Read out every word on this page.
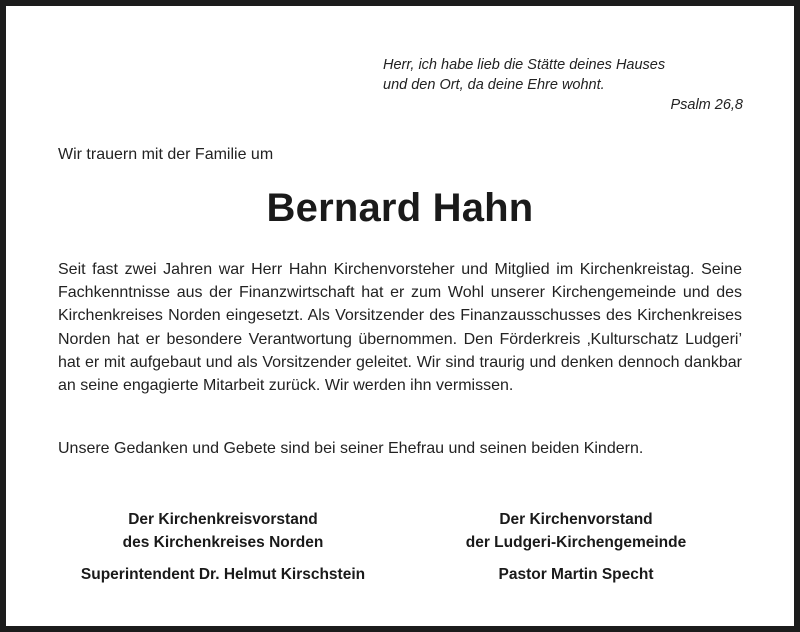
Herr, ich habe lieb die Stätte deines Hauses
und den Ort, da deine Ehre wohnt.
Psalm 26,8
Wir trauern mit der Familie um
Bernard Hahn
Seit fast zwei Jahren war Herr Hahn Kirchenvorsteher und Mitglied im Kirchenkreistag. Seine Fachkenntnisse aus der Finanzwirtschaft hat er zum Wohl unserer Kirchengemeinde und des Kirchenkreises Norden eingesetzt. Als Vorsitzender des Finanzausschusses des Kirchenkreises Norden hat er besondere Verantwortung übernommen. Den Förderkreis ‚Kulturschatz Ludgeri’ hat er mit aufgebaut und als Vorsitzender geleitet. Wir sind traurig und denken dennoch dankbar an seine engagierte Mitarbeit zurück. Wir werden ihn vermissen.
Unsere Gedanken und Gebete sind bei seiner Ehefrau und seinen beiden Kindern.
Der Kirchenkreisvorstand
des Kirchenkreises Norden
Superintendent Dr. Helmut Kirschstein
Der Kirchenvorstand
der Ludgeri-Kirchengemeinde
Pastor Martin Specht
